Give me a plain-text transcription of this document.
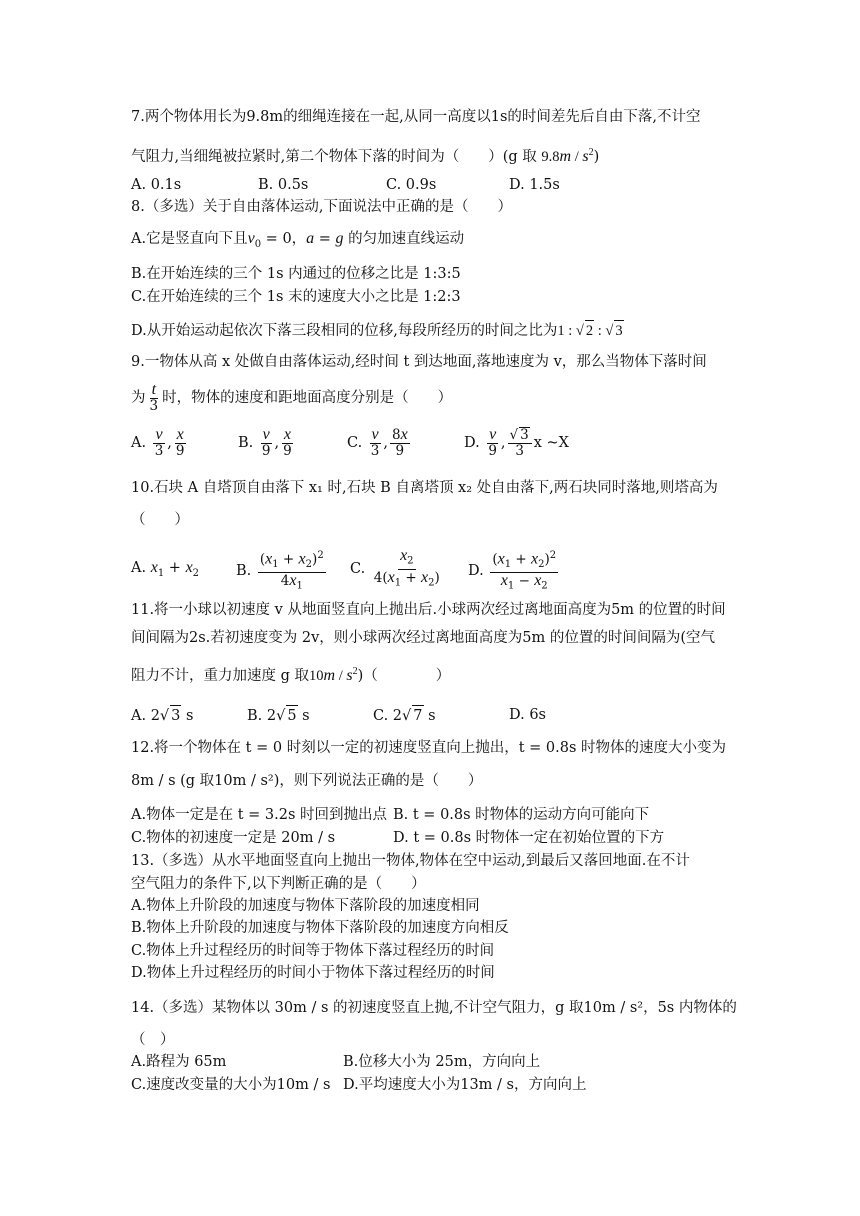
7.两个物体用长为9.8m的细绳连接在一起,从同一高度以1s的时间差先后自由下落,不计空
气阻力,当细绳被拉紧时,第二个物体下落的时间为（　　）(g 取 $9.8m / s^2$)
A. 0.1s	B. 0.5s	C. 0.9s	D. 1.5s
8.（多选）关于自由落体运动,下面说法中正确的是（　　）
A.它是竖直向下且$v_0 = 0$，a = g 的匀加速直线运动
B.在开始连续的三个 1s 内通过的位移之比是 1:3:5
C.在开始连续的三个 1s 末的速度大小之比是 1:2:3
D.从开始运动起依次下落三段相同的位移,每段所经历的时间之比为1 : √ 2 : √ 3
9.一物体从高 x 处做自由落体运动,经时间 t 到达地面,落地速度为 v，那么当物体下落时间
为 $\frac{t}{3}$ 时，物体的速度和距地面高度分别是（　　）
A. $\frac{v}{3}$ , $\frac{x}{9}$	B. $\frac{v}{9}$ , $\frac{x}{9}$	C. $\frac{v}{3}$ , $\frac{8x}{9}$	D. $\frac{v}{9}$ , $\frac{√ 3}{3}$ x ~X
10.石块 A 自塔顶自由落下 x₁ 时,石块 B 自离塔顶 x₂ 处自由落下,两石块同时落地,则塔高为
（　　）
A. $x_1 + x_2$	B. $\frac{(x_1 + x_2)^2}{4x_1} C$. $\frac{x_2}{4(x_1 + x_2)} D$. $\frac{(x_1 + x_2)^2}{x_1 - x_2}$
11.将一小球以初速度 v 从地面竖直向上抛出后.小球两次经过离地面高度为5m 的位置的时间
间间隔为2s.若初速度变为 2v，则小球两次经过离地面高度为5m 的位置的时间间隔为(空气
阻力不计，重力加速度 g 取$10m / s^2$)（　　　　）
A. 2√ 3 s	B. 2√ 5 s	C. 2√ 7 s	D. 6s
12.将一个物体在 t = 0 时刻以一定的初速度竖直向上抛出，t = 0.8s 时物体的速度大小变为
8m / s (g 取10m / s²)，则下列说法正确的是（　　）
A.物体一定是在 t = 3.2s 时回到抛出点 B. t = 0.8s 时物体的运动方向可能向下
C.物体的初速度一定是 20m / s	D. t = 0.8s 时物体一定在初始位置的下方
13.（多选）从水平地面竖直向上抛出一物体,物体在空中运动,到最后又落回地面.在不计
空气阻力的条件下,以下判断正确的是（　　）
A.物体上升阶段的加速度与物体下落阶段的加速度相同
B.物体上升阶段的加速度与物体下落阶段的加速度方向相反
C.物体上升过程经历的时间等于物体下落过程经历的时间
D.物体上升过程经历的时间小于物体下落过程经历的时间
14.（多选）某物体以 30m / s 的初速度竖直上抛,不计空气阻力，g 取10m / s²，5s 内物体的
（　）
A.路程为 65m	B.位移大小为 25m，方向向上
C.速度改变量的大小为10m / s D.平均速度大小为13m / s，方向向上
